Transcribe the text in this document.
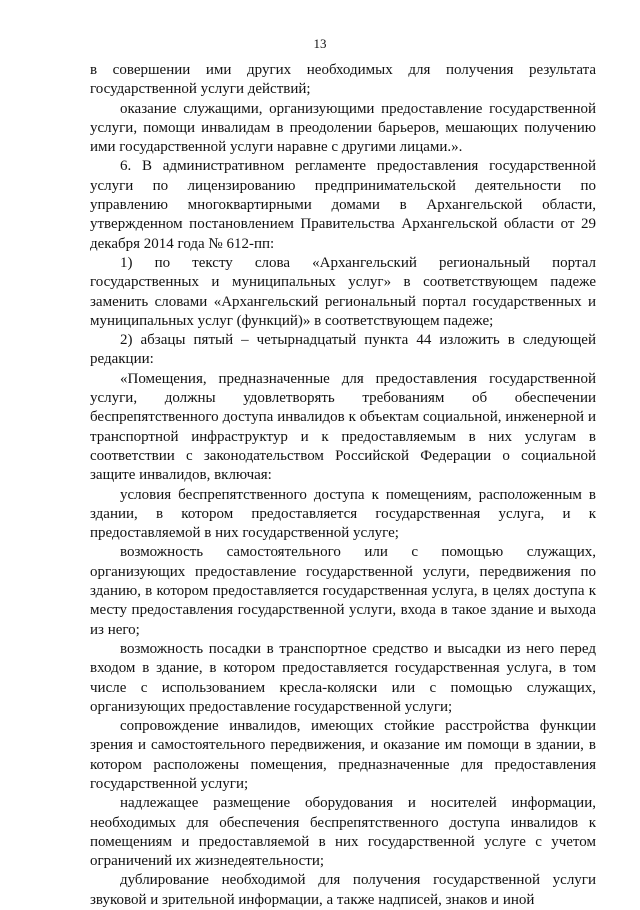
13

в совершении ими других необходимых для получения результата государственной услуги действий;

оказание служащими, организующими предоставление государственной услуги, помощи инвалидам в преодолении барьеров, мешающих получению ими государственной услуги наравне с другими лицами.».

6. В административном регламенте предоставления государственной услуги по лицензированию предпринимательской деятельности по управлению многоквартирными домами в Архангельской области, утвержденном постановлением Правительства Архангельской области от 29 декабря 2014 года № 612-пп:

1) по тексту слова «Архангельский региональный портал государственных и муниципальных услуг» в соответствующем падеже заменить словами «Архангельский региональный портал государственных и муниципальных услуг (функций)» в соответствующем падеже;

2) абзацы пятый – четырнадцатый пункта 44 изложить в следующей редакции:

«Помещения, предназначенные для предоставления государственной услуги, должны удовлетворять требованиям об обеспечении беспрепятственного доступа инвалидов к объектам социальной, инженерной и транспортной инфраструктур и к предоставляемым в них услугам в соответствии с законодательством Российской Федерации о социальной защите инвалидов, включая:

условия беспрепятственного доступа к помещениям, расположенным в здании, в котором предоставляется государственная услуга, и к предоставляемой в них государственной услуге;

возможность самостоятельного или с помощью служащих, организующих предоставление государственной услуги, передвижения по зданию, в котором предоставляется государственная услуга, в целях доступа к месту предоставления государственной услуги, входа в такое здание и выхода из него;

возможность посадки в транспортное средство и высадки из него перед входом в здание, в котором предоставляется государственная услуга, в том числе с использованием кресла-коляски или с помощью служащих, организующих предоставление государственной услуги;

сопровождение инвалидов, имеющих стойкие расстройства функции зрения и самостоятельного передвижения, и оказание им помощи в здании, в котором расположены помещения, предназначенные для предоставления государственной услуги;

надлежащее размещение оборудования и носителей информации, необходимых для обеспечения беспрепятственного доступа инвалидов к помещениям и предоставляемой в них государственной услуге с учетом ограничений их жизнедеятельности;

дублирование необходимой для получения государственной услуги звуковой и зрительной информации, а также надписей, знаков и иной
